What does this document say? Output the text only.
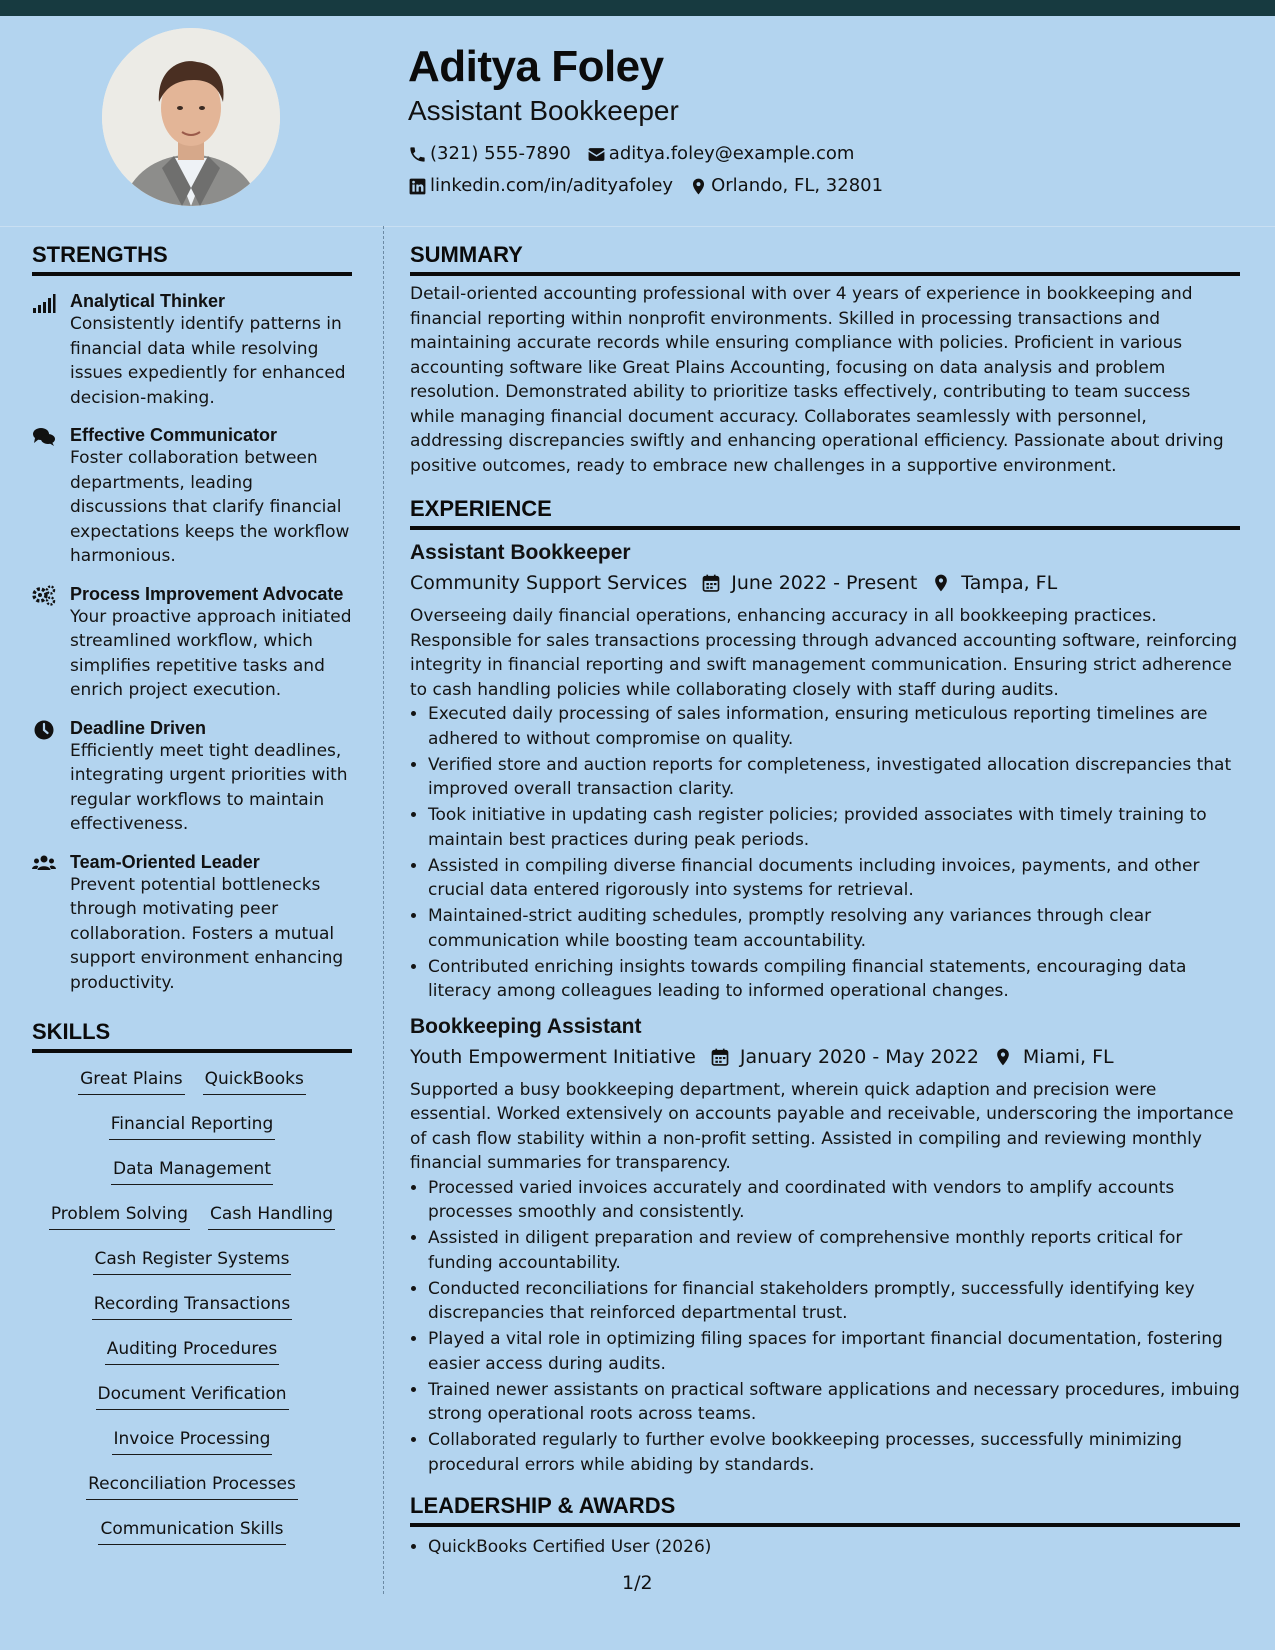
Aditya Foley
Assistant Bookkeeper
(321) 555-7890 aditya.foley@example.com
linkedin.com/in/adityafoley Orlando, FL, 32801
STRENGTHS
Analytical Thinker
Consistently identify patterns in financial data while resolving issues expediently for enhanced decision-making.
Effective Communicator
Foster collaboration between departments, leading discussions that clarify financial expectations keeps the workflow harmonious.
Process Improvement Advocate
Your proactive approach initiated streamlined workflow, which simplifies repetitive tasks and enrich project execution.
Deadline Driven
Efficiently meet tight deadlines, integrating urgent priorities with regular workflows to maintain effectiveness.
Team-Oriented Leader
Prevent potential bottlenecks through motivating peer collaboration. Fosters a mutual support environment enhancing productivity.
SKILLS
Great Plains QuickBooks
Financial Reporting
Data Management
Problem Solving Cash Handling
Cash Register Systems
Recording Transactions
Auditing Procedures
Document Verification
Invoice Processing
Reconciliation Processes
Communication Skills
SUMMARY
Detail-oriented accounting professional with over 4 years of experience in bookkeeping and financial reporting within nonprofit environments. Skilled in processing transactions and maintaining accurate records while ensuring compliance with policies. Proficient in various accounting software like Great Plains Accounting, focusing on data analysis and problem resolution. Demonstrated ability to prioritize tasks effectively, contributing to team success while managing financial document accuracy. Collaborates seamlessly with personnel, addressing discrepancies swiftly and enhancing operational efficiency. Passionate about driving positive outcomes, ready to embrace new challenges in a supportive environment.
EXPERIENCE
Assistant Bookkeeper
Community Support Services June 2022 - Present Tampa, FL
Overseeing daily financial operations, enhancing accuracy in all bookkeeping practices. Responsible for sales transactions processing through advanced accounting software, reinforcing integrity in financial reporting and swift management communication. Ensuring strict adherence to cash handling policies while collaborating closely with staff during audits.
• Executed daily processing of sales information, ensuring meticulous reporting timelines are adhered to without compromise on quality.
• Verified store and auction reports for completeness, investigated allocation discrepancies that improved overall transaction clarity.
• Took initiative in updating cash register policies; provided associates with timely training to maintain best practices during peak periods.
• Assisted in compiling diverse financial documents including invoices, payments, and other crucial data entered rigorously into systems for retrieval.
• Maintained-strict auditing schedules, promptly resolving any variances through clear communication while boosting team accountability.
• Contributed enriching insights towards compiling financial statements, encouraging data literacy among colleagues leading to informed operational changes.
Bookkeeping Assistant
Youth Empowerment Initiative January 2020 - May 2022 Miami, FL
Supported a busy bookkeeping department, wherein quick adaption and precision were essential. Worked extensively on accounts payable and receivable, underscoring the importance of cash flow stability within a non-profit setting. Assisted in compiling and reviewing monthly financial summaries for transparency.
• Processed varied invoices accurately and coordinated with vendors to amplify accounts processes smoothly and consistently.
• Assisted in diligent preparation and review of comprehensive monthly reports critical for funding accountability.
• Conducted reconciliations for financial stakeholders promptly, successfully identifying key discrepancies that reinforced departmental trust.
• Played a vital role in optimizing filing spaces for important financial documentation, fostering easier access during audits.
• Trained newer assistants on practical software applications and necessary procedures, imbuing strong operational roots across teams.
• Collaborated regularly to further evolve bookkeeping processes, successfully minimizing procedural errors while abiding by standards.
LEADERSHIP & AWARDS
• QuickBooks Certified User (2026)
1/2
